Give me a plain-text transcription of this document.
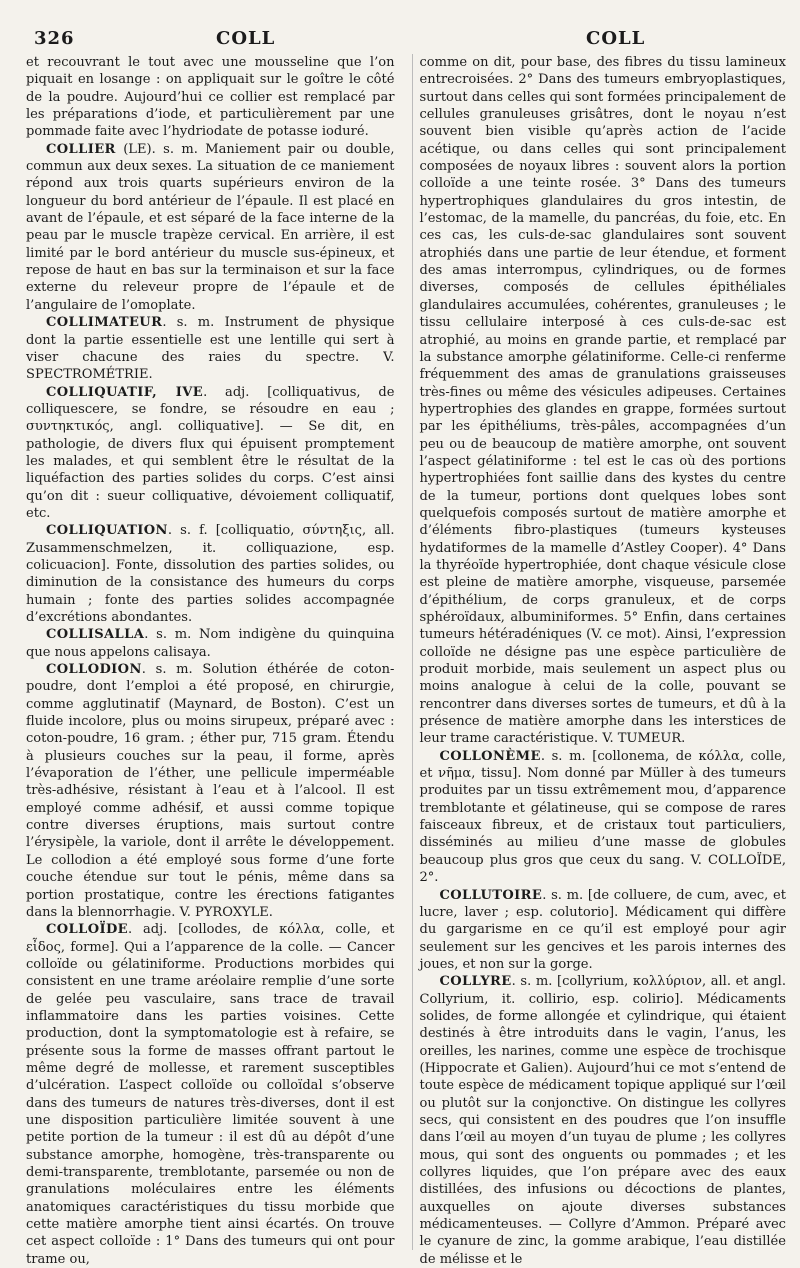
326	COLL	COLL

et recouvrant le tout avec une mousseline que l’on piquait en losange : on appliquait sur le goître le côté de la poudre. Aujourd’hui ce collier est remplacé par les préparations d’iode, et particulièrement par une pommade faite avec l’hydriodate de potasse ioduré.

COLLIER (LE). s. m. Maniement pair ou double, commun aux deux sexes. La situation de ce maniement répond aux trois quarts supérieurs environ de la longueur du bord antérieur de l’épaule. Il est placé en avant de l’épaule, et est séparé de la face interne de la peau par le muscle trapèze cervical. En arrière, il est limité par le bord antérieur du muscle sus-épineux, et repose de haut en bas sur la terminaison et sur la face externe du releveur propre de l’épaule et de l’angulaire de l’omoplate.

COLLIMATEUR. s. m. Instrument de physique dont la partie essentielle est une lentille qui sert à viser chacune des raies du spectre. V. SPECTROMÉTRIE.

COLLIQUATIF, IVE. adj. [colliquativus, de colliquescere, se fondre, se résoudre en eau ; συντηκτικός, angl. colliquative]. — Se dit, en pathologie, de divers flux qui épuisent promptement les malades, et qui semblent être le résultat de la liquéfaction des parties solides du corps. C’est ainsi qu’on dit : sueur colliquative, dévoiement colliquatif, etc.

COLLIQUATION. s. f. [colliquatio, σύντηξις, all. Zusammenschmelzen, it. colliquazione, esp. colicuacion]. Fonte, dissolution des parties solides, ou diminution de la consistance des humeurs du corps humain ; fonte des parties solides accompagnée d’excrétions abondantes.

COLLISALLA. s. m. Nom indigène du quinquina que nous appelons calisaya.

COLLODION. s. m. Solution éthérée de coton-poudre, dont l’emploi a été proposé, en chirurgie, comme agglutinatif (Maynard, de Boston). C’est un fluide incolore, plus ou moins sirupeux, préparé avec : coton-poudre, 16 gram. ; éther pur, 715 gram. Étendu à plusieurs couches sur la peau, il forme, après l’évaporation de l’éther, une pellicule imperméable très-adhésive, résistant à l’eau et à l’alcool. Il est employé comme adhésif, et aussi comme topique contre diverses éruptions, mais surtout contre l’érysipèle, la variole, dont il arrête le développement. Le collodion a été employé sous forme d’une forte couche étendue sur tout le pénis, même dans sa portion prostatique, contre les érections fatigantes dans la blennorrhagie. V. PYROXYLE.

COLLOÏDE. adj. [collodes, de κόλλα, colle, et εἶδος, forme]. Qui a l’apparence de la colle. — Cancer colloïde ou gélatiniforme. Productions morbides qui consistent en une trame aréolaire remplie d’une sorte de gelée peu vasculaire, sans trace de travail inflammatoire dans les parties voisines. Cette production, dont la symptomatologie est à refaire, se présente sous la forme de masses offrant partout le même degré de mollesse, et rarement susceptibles d’ulcération. L’aspect colloïde ou colloïdal s’observe dans des tumeurs de natures très-diverses, dont il est une disposition particulière limitée souvent à une petite portion de la tumeur : il est dû au dépôt d’une substance amorphe, homogène, très-transparente ou demi-transparente, tremblotante, parsemée ou non de granulations moléculaires entre les éléments anatomiques caractéristiques du tissu morbide que cette matière amorphe tient ainsi écartés. On trouve cet aspect colloïde : 1° Dans des tumeurs qui ont pour trame ou,

comme on dit, pour base, des fibres du tissu lamineux entrecroisées. 2° Dans des tumeurs embryoplastiques, surtout dans celles qui sont formées principalement de cellules granuleuses grisâtres, dont le noyau n’est souvent bien visible qu’après action de l’acide acétique, ou dans celles qui sont principalement composées de noyaux libres : souvent alors la portion colloïde a une teinte rosée. 3° Dans des tumeurs hypertrophiques glandulaires du gros intestin, de l’estomac, de la mamelle, du pancréas, du foie, etc. En ces cas, les culs-de-sac glandulaires sont souvent atrophiés dans une partie de leur étendue, et forment des amas interrompus, cylindriques, ou de formes diverses, composés de cellules épithéliales glandulaires accumulées, cohérentes, granuleuses ; le tissu cellulaire interposé à ces culs-de-sac est atrophié, au moins en grande partie, et remplacé par la substance amorphe gélatiniforme. Celle-ci renferme fréquemment des amas de granulations graisseuses très-fines ou même des vésicules adipeuses. Certaines hypertrophies des glandes en grappe, formées surtout par les épithéliums, très-pâles, accompagnées d’un peu ou de beaucoup de matière amorphe, ont souvent l’aspect gélatiniforme : tel est le cas où des portions hypertrophiées font saillie dans des kystes du centre de la tumeur, portions dont quelques lobes sont quelquefois composés surtout de matière amorphe et d’éléments fibro-plastiques (tumeurs kysteuses hydatiformes de la mamelle d’Astley Cooper). 4° Dans la thyréoïde hypertrophiée, dont chaque vésicule close est pleine de matière amorphe, visqueuse, parsemée d’épithélium, de corps granuleux, et de corps sphéroïdaux, albuminiformes. 5° Enfin, dans certaines tumeurs hétéradéniques (V. ce mot). Ainsi, l’expression colloïde ne désigne pas une espèce particulière de produit morbide, mais seulement un aspect plus ou moins analogue à celui de la colle, pouvant se rencontrer dans diverses sortes de tumeurs, et dû à la présence de matière amorphe dans les interstices de leur trame caractéristique. V. TUMEUR.

COLLONÈME. s. m. [collonema, de κόλλα, colle, et νῆμα, tissu]. Nom donné par Müller à des tumeurs produites par un tissu extrêmement mou, d’apparence tremblotante et gélatineuse, qui se compose de rares faisceaux fibreux, et de cristaux tout particuliers, disséminés au milieu d’une masse de globules beaucoup plus gros que ceux du sang. V. COLLOÏDE, 2°.

COLLUTOIRE. s. m. [de colluere, de cum, avec, et lucre, laver ; esp. colutorio]. Médicament qui diffère du gargarisme en ce qu’il est employé pour agir seulement sur les gencives et les parois internes des joues, et non sur la gorge.

COLLYRE. s. m. [collyrium, κολλύριον, all. et angl. Collyrium, it. collirio, esp. colirio]. Médicaments solides, de forme allongée et cylindrique, qui étaient destinés à être introduits dans le vagin, l’anus, les oreilles, les narines, comme une espèce de trochisque (Hippocrate et Galien). Aujourd’hui ce mot s’entend de toute espèce de médicament topique appliqué sur l’œil ou plutôt sur la conjonctive. On distingue les collyres secs, qui consistent en des poudres que l’on insuffle dans l’œil au moyen d’un tuyau de plume ; les collyres mous, qui sont des onguents ou pommades ; et les collyres liquides, que l’on prépare avec des eaux distillées, des infusions ou décoctions de plantes, auxquelles on ajoute diverses substances médicamenteuses. — Collyre d’Ammon. Préparé avec le cyanure de zinc, la gomme arabique, l’eau distillée de mélisse et le
